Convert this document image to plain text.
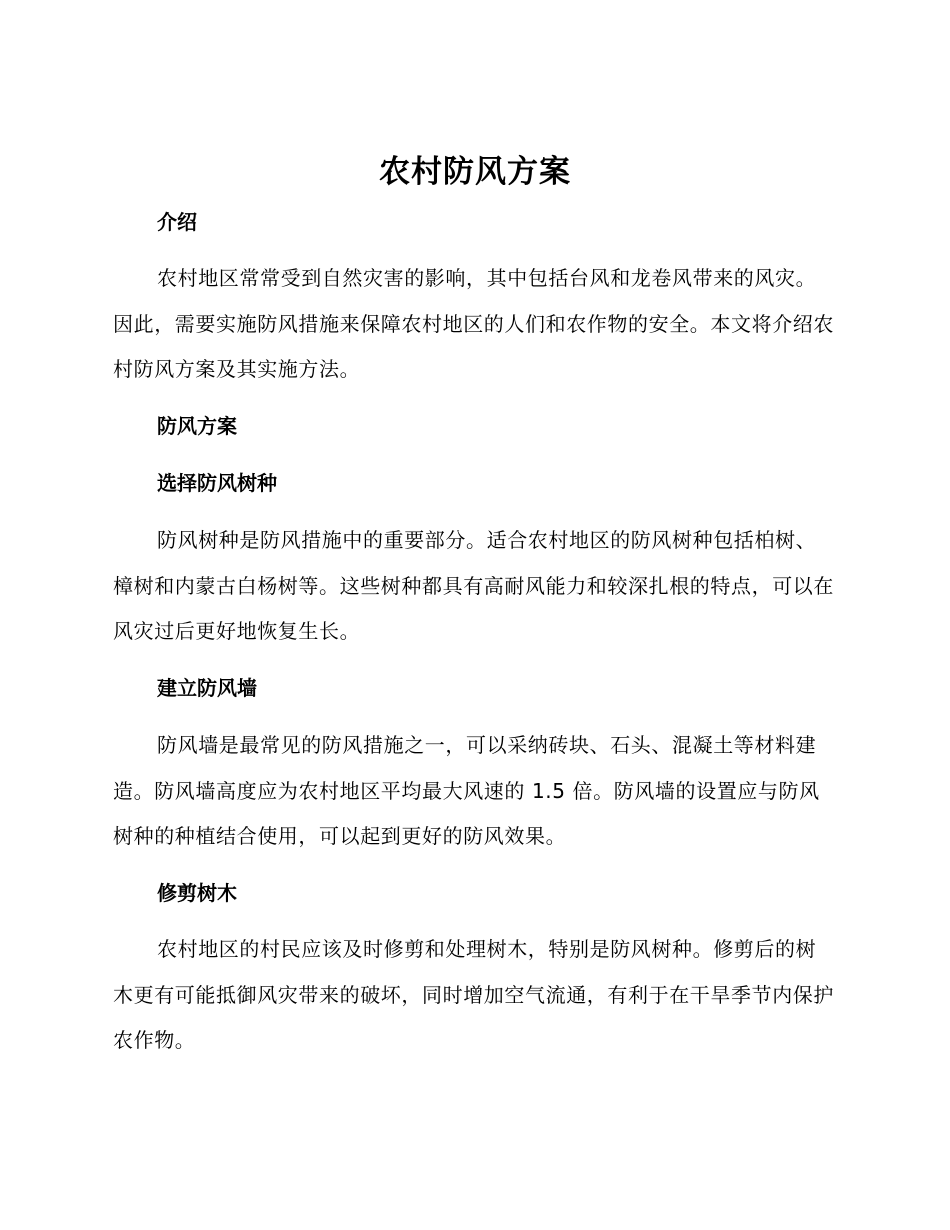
农村防风方案
介绍

农村地区常常受到自然灾害的影响，其中包括台风和龙卷风带来的风灾。因此，需要实施防风措施来保障农村地区的人们和农作物的安全。本文将介绍农村防风方案及其实施方法。

防风方案
选择防风树种

防风树种是防风措施中的重要部分。适合农村地区的防风树种包括柏树、樟树和内蒙古白杨树等。这些树种都具有高耐风能力和较深扎根的特点，可以在风灾过后更好地恢复生长。

建立防风墙

防风墙是最常见的防风措施之一，可以采纳砖块、石头、混凝土等材料建造。防风墙高度应为农村地区平均最大风速的 1.5 倍。防风墙的设置应与防风树种的种植结合使用，可以起到更好的防风效果。

修剪树木

农村地区的村民应该及时修剪和处理树木，特别是防风树种。修剪后的树木更有可能抵御风灾带来的破坏，同时增加空气流通，有利于在干旱季节内保护农作物。
